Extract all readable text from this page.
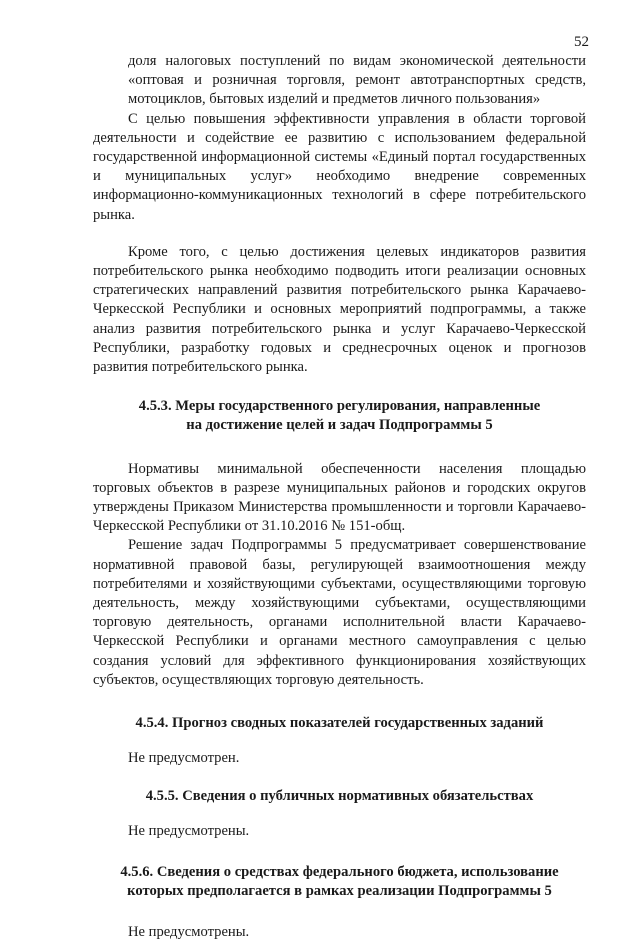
52

доля налоговых поступлений по видам экономической деятельности «оптовая и розничная торговля, ремонт автотранспортных средств, мотоциклов, бытовых изделий и предметов личного пользования»

С целью повышения эффективности управления в области торговой деятельности и содействие ее развитию с использованием федеральной государственной информационной системы «Единый портал государственных и муниципальных услуг» необходимо внедрение современных информационно-коммуникационных технологий в сфере потребительского рынка.

Кроме того, с целью достижения целевых индикаторов развития потребительского рынка необходимо подводить итоги реализации основных стратегических направлений развития потребительского рынка Карачаево-Черкесской Республики и основных мероприятий подпрограммы, а также анализ развития потребительского рынка и услуг Карачаево-Черкесской Республики, разработку годовых и среднесрочных оценок и прогнозов развития потребительского рынка.

4.5.3. Меры государственного регулирования, направленные

на достижение целей и задач Подпрограммы 5

Нормативы минимальной обеспеченности населения площадью торговых объектов в разрезе муниципальных районов и городских округов утверждены Приказом Министерства промышленности и торговли Карачаево-Черкесской Республики от 31.10.2016 № 151-общ.

Решение задач Подпрограммы 5 предусматривает совершенствование нормативной правовой базы, регулирующей взаимоотношения между потребителями и хозяйствующими субъектами, осуществляющими торговую деятельность, между хозяйствующими субъектами, осуществляющими торговую деятельность, органами исполнительной власти Карачаево-Черкесской Республики и органами местного самоуправления с целью создания условий для эффективного функционирования хозяйствующих субъектов, осуществляющих торговую деятельность.

4.5.4. Прогноз сводных показателей государственных заданий

Не предусмотрен.

4.5.5. Сведения о публичных нормативных обязательствах

Не предусмотрены.

4.5.6. Сведения о средствах федерального бюджета, использование

которых предполагается в рамках реализации Подпрограммы 5

Не предусмотрены.
